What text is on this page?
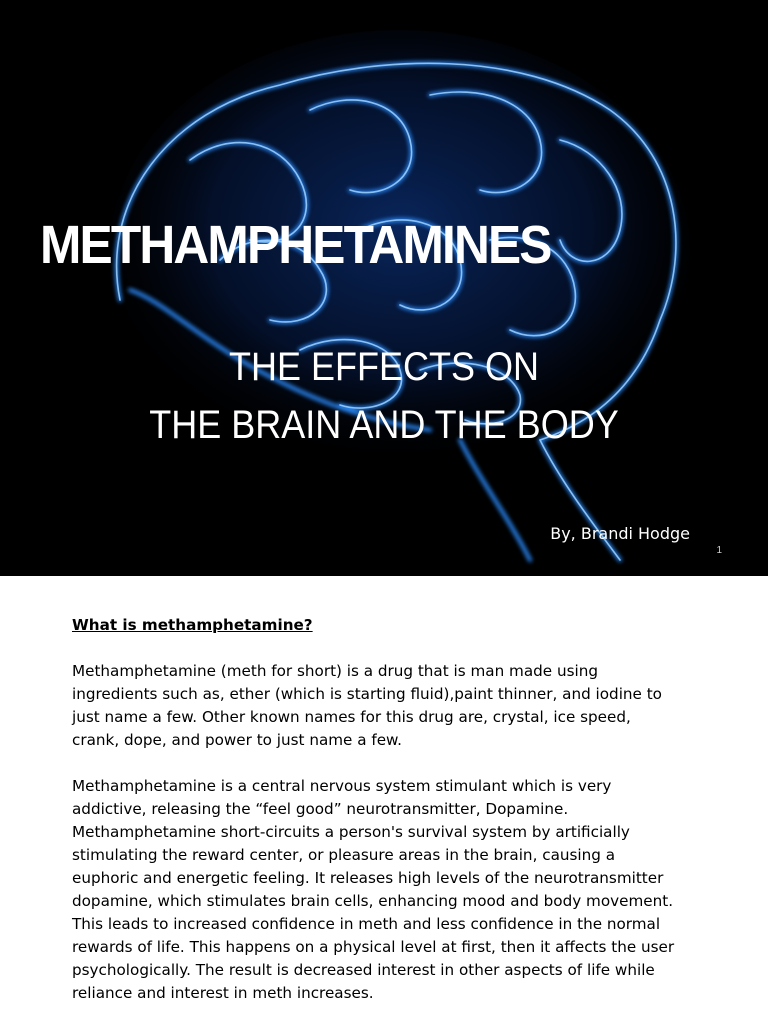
METHAMPHETAMINES
THE EFFECTS ON
THE BRAIN AND THE BODY
By, Brandi Hodge
1

What is methamphetamine?

Methamphetamine (meth for short) is a drug that is man made using ingredients such as, ether (which is starting fluid),paint thinner, and iodine to just name a few. Other known names for this drug are, crystal, ice speed, crank, dope, and power to just name a few.

Methamphetamine is a central nervous system stimulant which is very addictive, releasing the “feel good” neurotransmitter, Dopamine. Methamphetamine short-circuits a person's survival system by artificially stimulating the reward center, or pleasure areas in the brain, causing a euphoric and energetic feeling. It releases high levels of the neurotransmitter dopamine, which stimulates brain cells, enhancing mood and body movement. This leads to increased confidence in meth and less confidence in the normal rewards of life. This happens on a physical level at first, then it affects the user psychologically. The result is decreased interest in other aspects of life while reliance and interest in meth increases.
